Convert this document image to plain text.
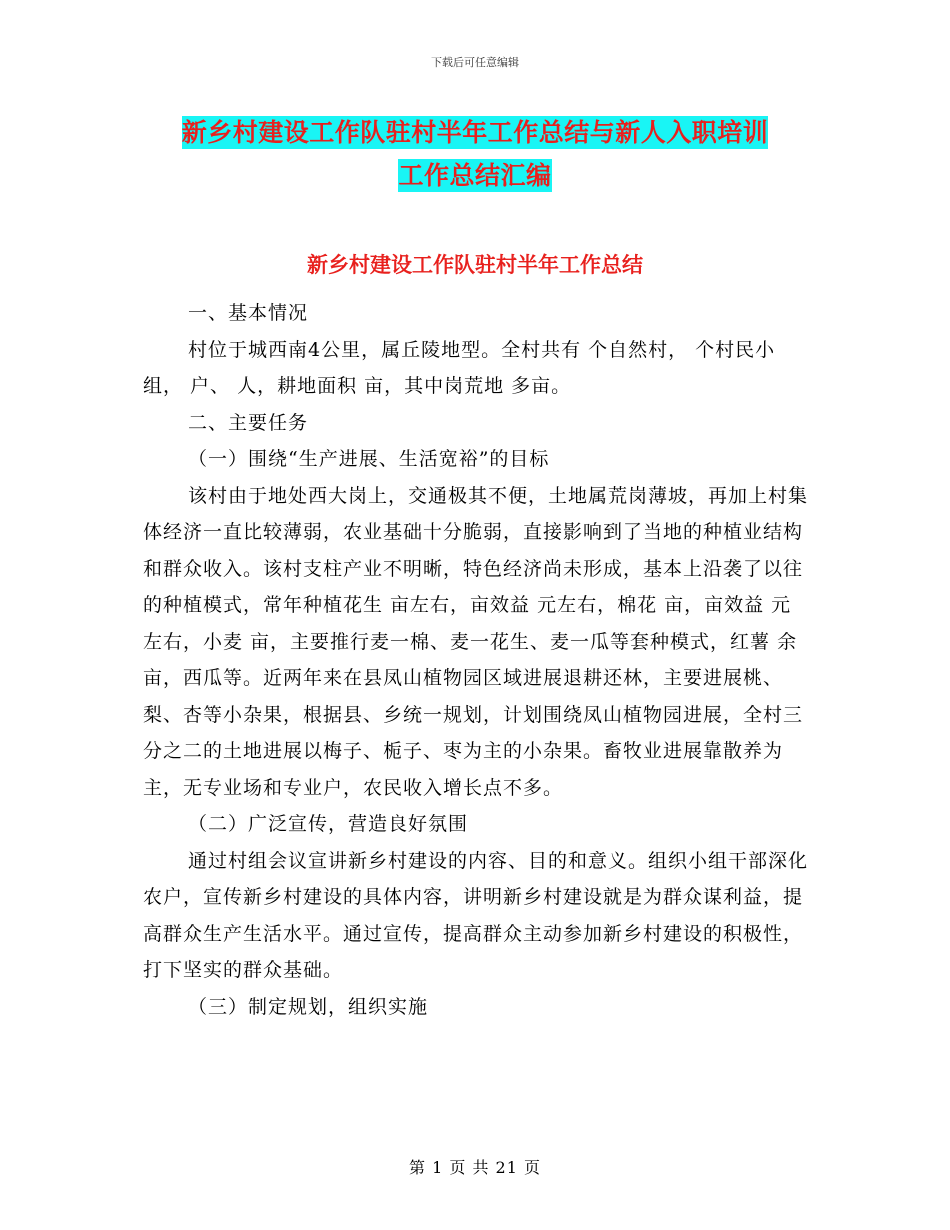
下载后可任意编辑
新乡村建设工作队驻村半年工作总结与新人入职培训
工作总结汇编
新乡村建设工作队驻村半年工作总结

一、基本情况

村位于城西南4公里，属丘陵地型。全村共有 个自然村， 个村民小组， 户、 人，耕地面积 亩，其中岗荒地 多亩。

二、主要任务

（一）围绕“生产进展、生活宽裕”的目标

该村由于地处西大岗上，交通极其不便，土地属荒岗薄坡，再加上村集体经济一直比较薄弱，农业基础十分脆弱，直接影响到了当地的种植业结构和群众收入。该村支柱产业不明晰，特色经济尚未形成，基本上沿袭了以往的种植模式，常年种植花生 亩左右，亩效益 元左右，棉花 亩，亩效益 元左右，小麦 亩，主要推行麦一棉、麦一花生、麦一瓜等套种模式，红薯 余亩，西瓜等。近两年来在县凤山植物园区域进展退耕还林，主要进展桃、梨、杏等小杂果，根据县、乡统一规划，计划围绕凤山植物园进展，全村三分之二的土地进展以梅子、栀子、枣为主的小杂果。畜牧业进展靠散养为主，无专业场和专业户，农民收入增长点不多。

（二）广泛宣传，营造良好氛围

通过村组会议宣讲新乡村建设的内容、目的和意义。组织小组干部深化农户，宣传新乡村建设的具体内容，讲明新乡村建设就是为群众谋利益，提高群众生产生活水平。通过宣传，提高群众主动参加新乡村建设的积极性，打下坚实的群众基础。

（三）制定规划，组织实施

第 1 页 共 21 页
